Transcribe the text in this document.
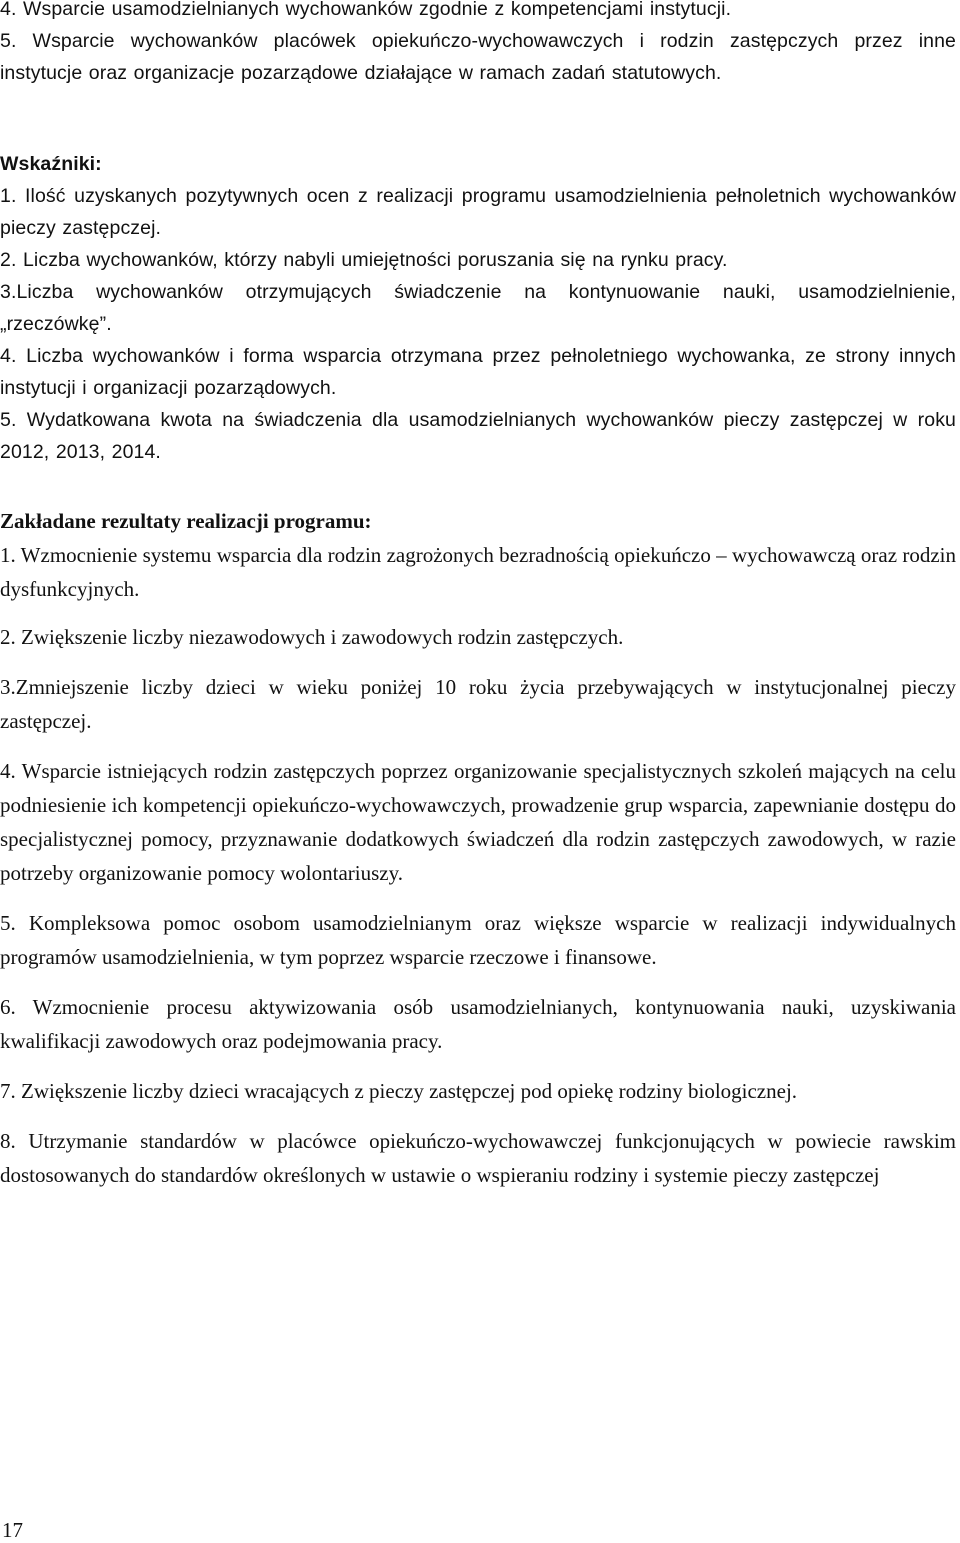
4. Wsparcie usamodzielnianych wychowanków zgodnie z kompetencjami instytucji.

5. Wsparcie wychowanków placówek opiekuńczo-wychowawczych i rodzin zastępczych przez inne instytucje oraz organizacje pozarządowe działające w ramach zadań statutowych.

Wskaźniki:

1. Ilość uzyskanych pozytywnych ocen z realizacji programu usamodzielnienia pełnoletnich wychowanków pieczy zastępczej.

2. Liczba wychowanków, którzy nabyli umiejętności poruszania się na rynku pracy.

3.Liczba wychowanków otrzymujących świadczenie na kontynuowanie nauki, usamodzielnienie, „rzeczówkę”.

4. Liczba wychowanków i forma wsparcia otrzymana przez pełnoletniego wychowanka, ze strony innych instytucji i organizacji pozarządowych.

5. Wydatkowana kwota na świadczenia dla usamodzielnianych wychowanków pieczy zastępczej w roku 2012, 2013, 2014.

Zakładane rezultaty realizacji programu:

1. Wzmocnienie systemu wsparcia dla rodzin zagrożonych bezradnością opiekuńczo – wychowawczą oraz rodzin dysfunkcyjnych.

2. Zwiększenie liczby niezawodowych i zawodowych rodzin zastępczych.

3.Zmniejszenie liczby dzieci w wieku poniżej 10 roku życia przebywających w instytucjonalnej pieczy zastępczej.

4. Wsparcie istniejących rodzin zastępczych poprzez organizowanie specjalistycznych szkoleń mających na celu podniesienie ich kompetencji opiekuńczo-wychowawczych, prowadzenie grup wsparcia, zapewnianie dostępu do specjalistycznej pomocy, przyznawanie dodatkowych świadczeń dla rodzin zastępczych zawodowych, w razie potrzeby organizowanie pomocy wolontariuszy.

5. Kompleksowa pomoc osobom usamodzielnianym oraz większe wsparcie w realizacji indywidualnych programów usamodzielnienia, w tym poprzez wsparcie rzeczowe i finansowe.

6. Wzmocnienie procesu aktywizowania osób usamodzielnianych, kontynuowania nauki, uzyskiwania kwalifikacji zawodowych oraz podejmowania pracy.

7. Zwiększenie liczby dzieci wracających z pieczy zastępczej pod opiekę rodziny biologicznej.

8. Utrzymanie standardów w placówce opiekuńczo-wychowawczej funkcjonujących w powiecie rawskim dostosowanych do standardów określonych w ustawie o wspieraniu rodziny i systemie pieczy zastępczej

17
